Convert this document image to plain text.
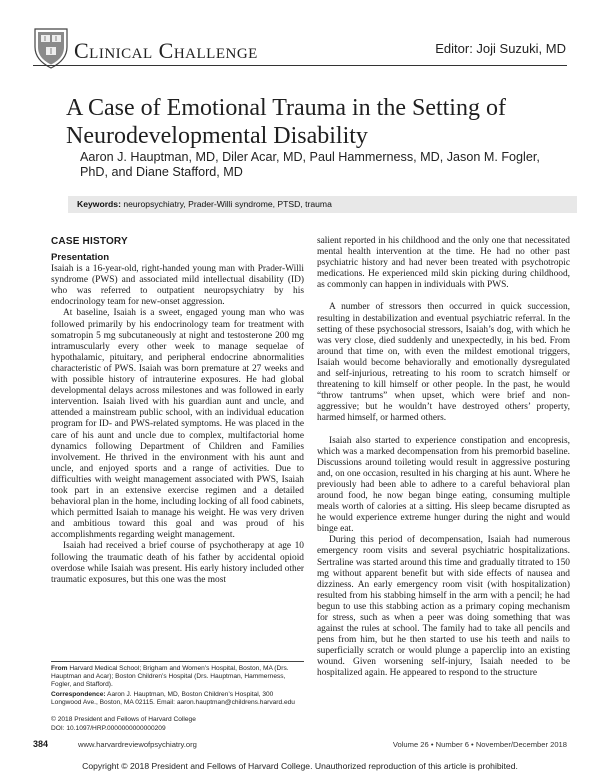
Clinical Challenge	Editor: Joji Suzuki, MD
A Case of Emotional Trauma in the Setting of Neurodevelopmental Disability
Aaron J. Hauptman, MD, Diler Acar, MD, Paul Hammerness, MD, Jason M. Fogler, PhD, and Diane Stafford, MD
Keywords: neuropsychiatry, Prader-Willi syndrome, PTSD, trauma
CASE HISTORY
Presentation

Isaiah is a 16-year-old, right-handed young man with Prader-Willi syndrome (PWS) and associated mild intellectual disability (ID) who was referred to outpatient neuropsychiatry by his endocrinology team for new-onset aggression.

At baseline, Isaiah is a sweet, engaged young man who was followed primarily by his endocrinology team for treatment with somatropin 5 mg subcutaneously at night and testosterone 200 mg intramuscularly every other week to manage sequelae of hypothalamic, pituitary, and peripheral endocrine abnormalities characteristic of PWS. Isaiah was born premature at 27 weeks and with possible history of intrauterine exposures. He had global developmental delays across milestones and was followed in early intervention. Isaiah lived with his guardian aunt and uncle, and attended a mainstream public school, with an individual education program for ID- and PWS-related symptoms. He was placed in the care of his aunt and uncle due to complex, multifactorial home dynamics following Department of Children and Families involvement. He thrived in the environment with his aunt and uncle, and enjoyed sports and a range of activities. Due to difficulties with weight management associated with PWS, Isaiah took part in an extensive exercise regimen and a detailed behavioral plan in the home, including locking of all food cabinets, which permitted Isaiah to manage his weight. He was very driven and ambitious toward this goal and was proud of his accomplishments regarding weight management.

Isaiah had received a brief course of psychotherapy at age 10 following the traumatic death of his father by accidental opioid overdose while Isaiah was present. His early history included other traumatic exposures, but this one was the most

salient reported in his childhood and the only one that necessitated mental health intervention at the time. He had no other past psychiatric history and had never been treated with psychotropic medications. He experienced mild skin picking during childhood, as commonly can happen in individuals with PWS.

A number of stressors then occurred in quick succession, resulting in destabilization and eventual psychiatric referral. In the setting of these psychosocial stressors, Isaiah’s dog, with which he was very close, died suddenly and unexpectedly, in his bed. From around that time on, with even the mildest emotional triggers, Isaiah would become behaviorally and emotionally dysregulated and self-injurious, retreating to his room to scratch himself or threatening to kill himself or other people. In the past, he would “throw tantrums” when upset, which were brief and non-aggressive; but he wouldn’t have destroyed others’ property, harmed himself, or harmed others.

Isaiah also started to experience constipation and encopresis, which was a marked decompensation from his premorbid baseline. Discussions around toileting would result in aggressive posturing and, on one occasion, resulted in his charging at his aunt. Where he previously had been able to adhere to a careful behavioral plan around food, he now began binge eating, consuming multiple meals worth of calories at a sitting. His sleep became disrupted as he would experience extreme hunger during the night and would binge eat.

During this period of decompensation, Isaiah had numerous emergency room visits and several psychiatric hospitalizations. Sertraline was started around this time and gradually titrated to 150 mg without apparent benefit but with side effects of nausea and dizziness. An early emergency room visit (with hospitalization) resulted from his stabbing himself in the arm with a pencil; he had begun to use this stabbing action as a primary coping mechanism for stress, such as when a peer was doing something that was against the rules at school. The family had to take all pencils and pens from him, but he then started to use his teeth and nails to superficially scratch or would plunge a paperclip into an existing wound. Given worsening self-injury, Isaiah needed to be hospitalized again. He appeared to respond to the structure

From Harvard Medical School; Brigham and Women’s Hospital, Boston, MA (Drs. Hauptman and Acar); Boston Children’s Hospital (Drs. Hauptman, Hammerness, Fogler, and Stafford).
Correspondence: Aaron J. Hauptman, MD, Boston Children’s Hospital, 300 Longwood Ave., Boston, MA 02115. Email: aaron.hauptman@childrens.harvard.edu
© 2018 President and Fellows of Harvard College
DOI: 10.1097/HRP.0000000000000209
384	www.harvardreviewofpsychiatry.org	Volume 26 • Number 6 • November/December 2018
Copyright © 2018 President and Fellows of Harvard College. Unauthorized reproduction of this article is prohibited.
